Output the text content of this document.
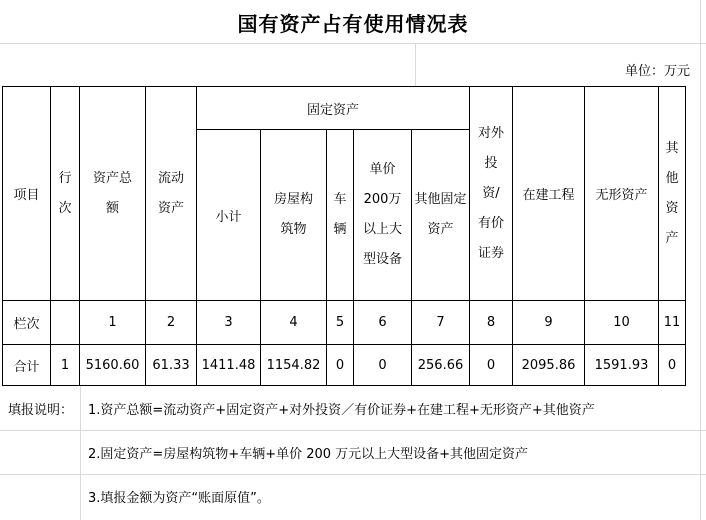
国有资产占有使用情况表
单位：万元
项目	行次	资产总额	流动资产	固定资产					对外投资/有价证券	在建工程	无形资产	其他资产

				小计	房屋构筑物	车辆	单价200万以上大型设备	其他固定资产				

栏次		1	2	3	4	5	6	7	8	9	10	11
合计	1	5160.60	61.33	1411.48	1154.82	0	0	256.66	0	2095.86	1591.93	0
填报说明： 1.资产总额=流动资产+固定资产+对外投资／有价证券+在建工程+无形资产+其他资产
2.固定资产=房屋构筑物+车辆+单价 200 万元以上大型设备+其他固定资产
3.填报金额为资产“账面原值”。
